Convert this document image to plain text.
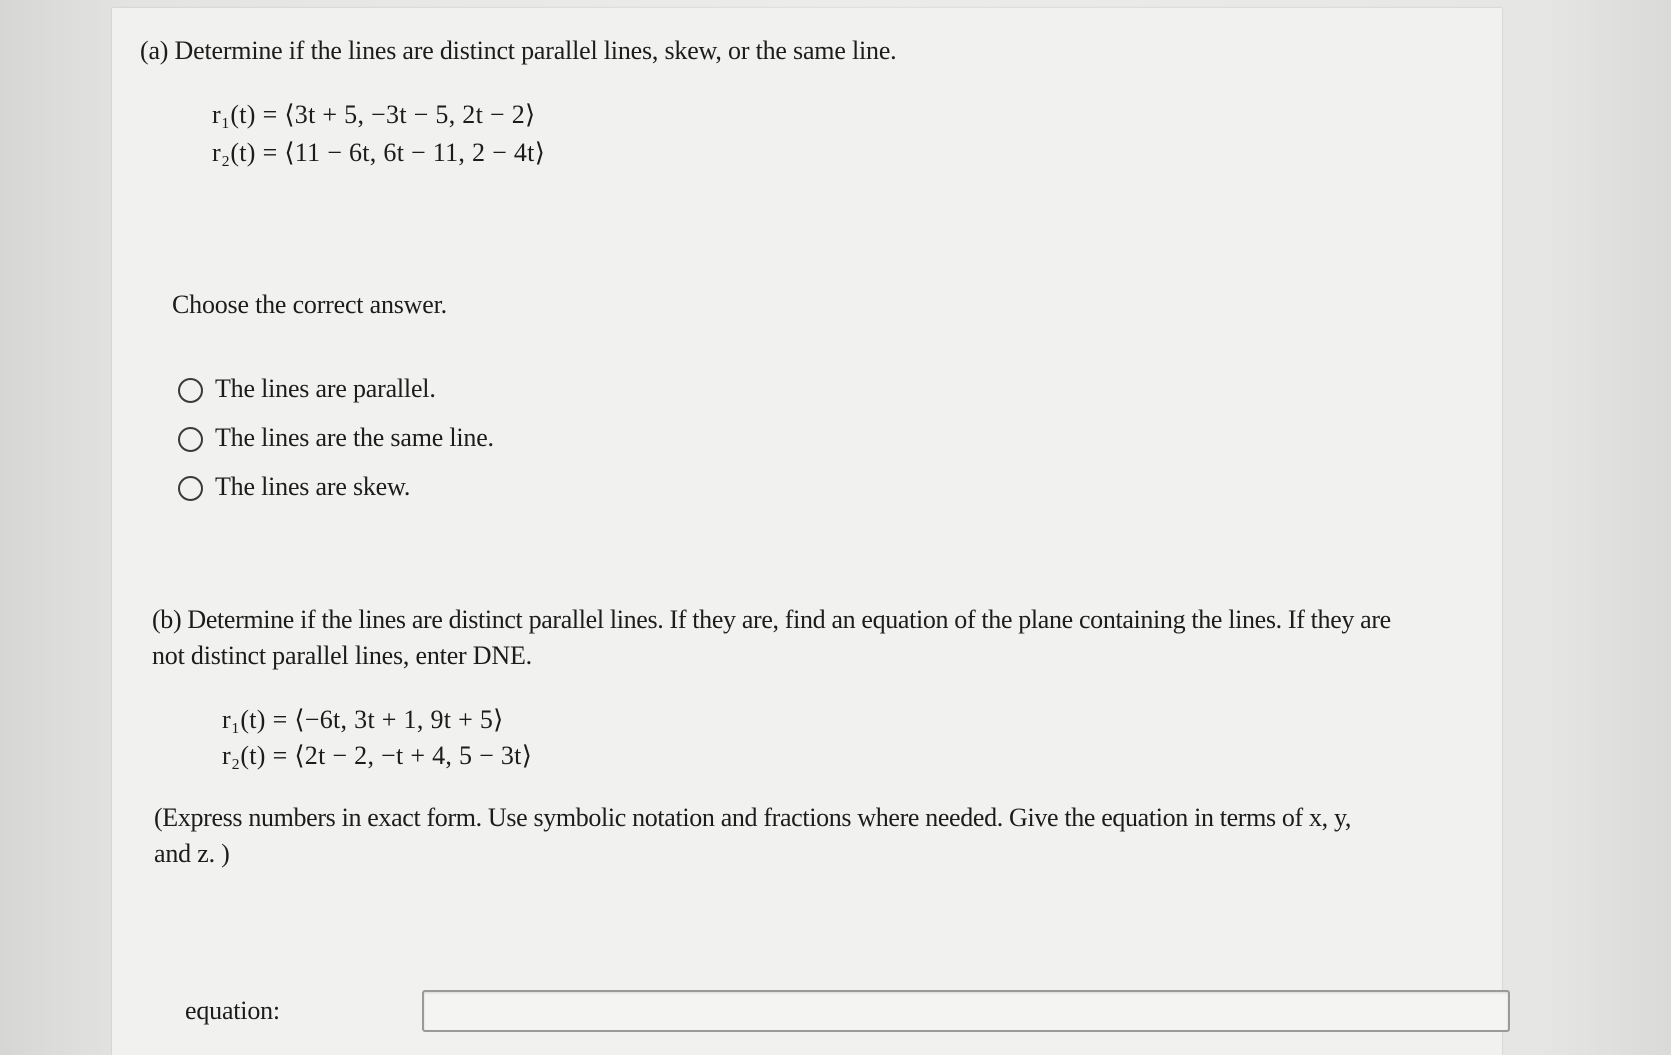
(a) Determine if the lines are distinct parallel lines, skew, or the same line.
r₁(t) = ⟨3t + 5, −3t − 5, 2t − 2⟩
r₂(t) = ⟨11 − 6t, 6t − 11, 2 − 4t⟩
Choose the correct answer.
The lines are parallel.
The lines are the same line.
The lines are skew.
(b) Determine if the lines are distinct parallel lines. If they are, find an equation of the plane containing the lines. If they are
not distinct parallel lines, enter DNE.
r₁(t) = ⟨−6t, 3t + 1, 9t + 5⟩
r₂(t) = ⟨2t − 2, −t + 4, 5 − 3t⟩
(Express numbers in exact form. Use symbolic notation and fractions where needed. Give the equation in terms of x, y,
and z. )
equation:
